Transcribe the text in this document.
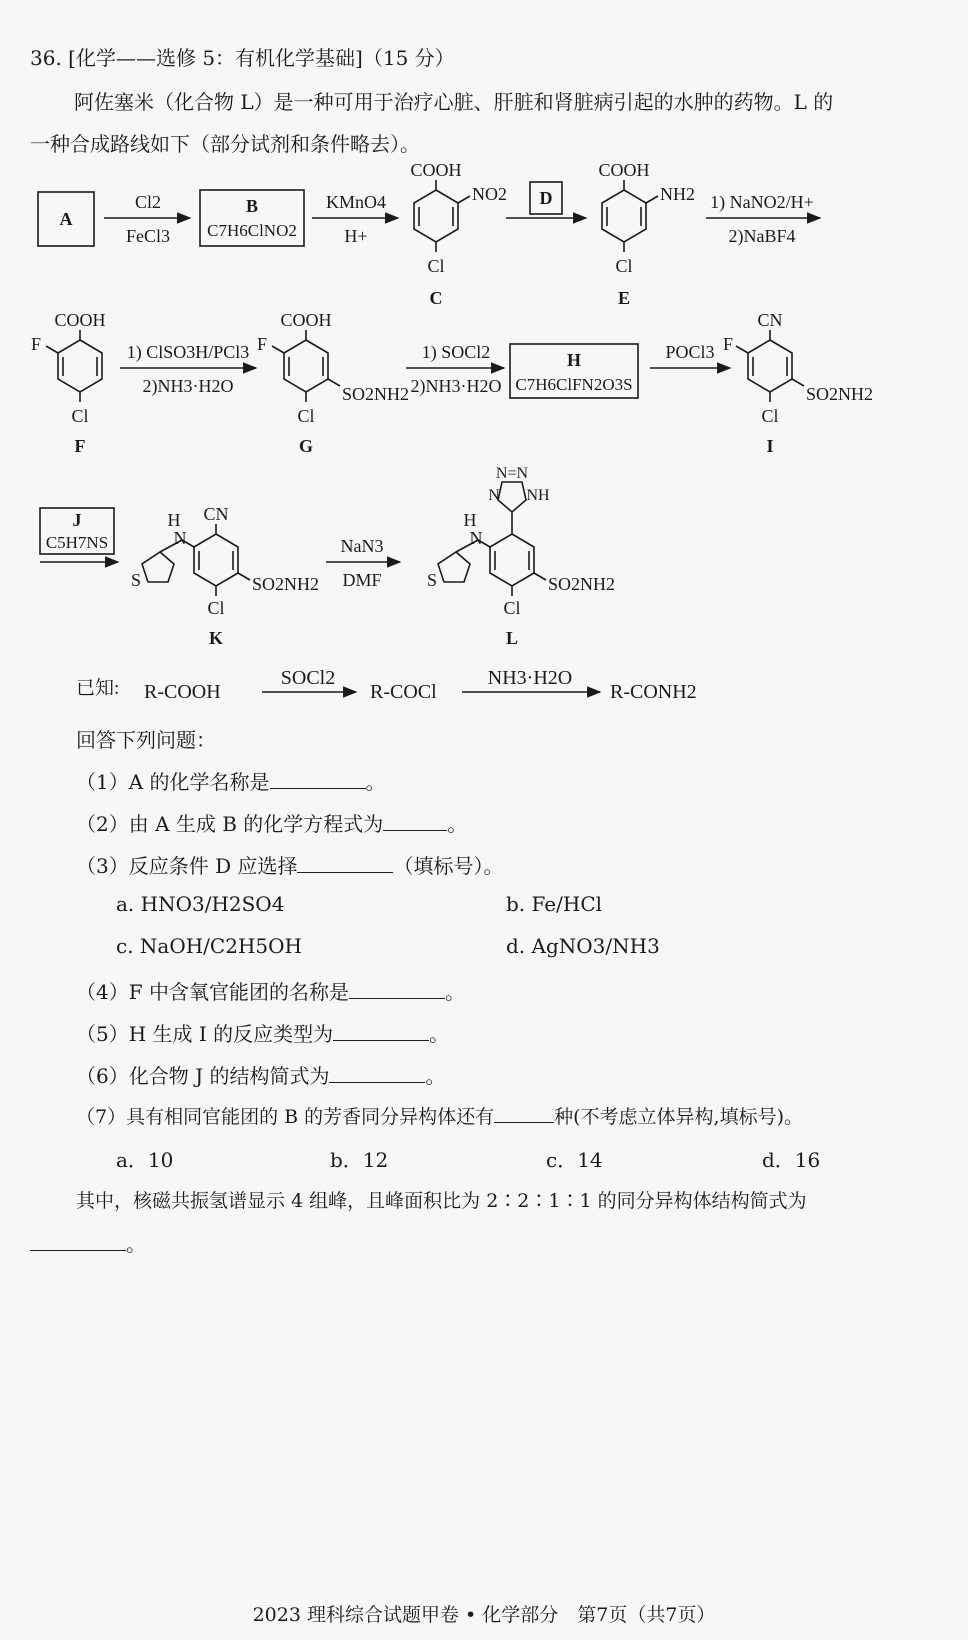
36. [化学——选修 5：有机化学基础]（15 分）
阿佐塞米（化合物 L）是一种可用于治疗心脏、肝脏和肾脏病引起的水肿的药物。L 的
一种合成路线如下（部分试剂和条件略去）。
A
Cl2
FeCl3
B
C7H6ClNO2
KMnO4
H+
COOH
NO2
Cl
C
D
COOH
NH2
Cl
E
1) NaNO2/H+
2)NaBF4
COOH
F
Cl
F
1) ClSO3H/PCl3
2)NH3·H2O
COOH
F
Cl
SO2NH2
G
1) SOCl2
2)NH3·H2O
H
C7H6ClFN2O3S
POCl3
CN
F
Cl
SO2NH2
I
J
C5H7NS
CN
H
N
S
Cl
SO2NH2
K
NaN3
DMF
N=N
N NH
H
N
S
Cl
SO2NH2
L
已知: R-COOH
SOCl2
R-COCl
NH3·H2O
R-CONH2
回答下列问题：
（1）A 的化学名称是	。
（2）由 A 生成 B 的化学方程式为	。
（3）反应条件 D 应选择	（填标号）。
a. HNO3/H2SO4	b. Fe/HCl
c. NaOH/C2H5OH	d. AgNO3/NH3
（4）F 中含氧官能团的名称是	。
（5）H 生成 I 的反应类型为	。
（6）化合物 J 的结构简式为	。
（7）具有相同官能团的 B 的芳香同分异构体还有	种(不考虑立体异构,填标号)。
a．10	b．12	c．14	d．16
其中，核磁共振氢谱显示 4 组峰，且峰面积比为 2∶2∶1∶1 的同分异构体结构简式为
。
2023 理科综合试题甲卷 • 化学部分　第7页（共7页）
